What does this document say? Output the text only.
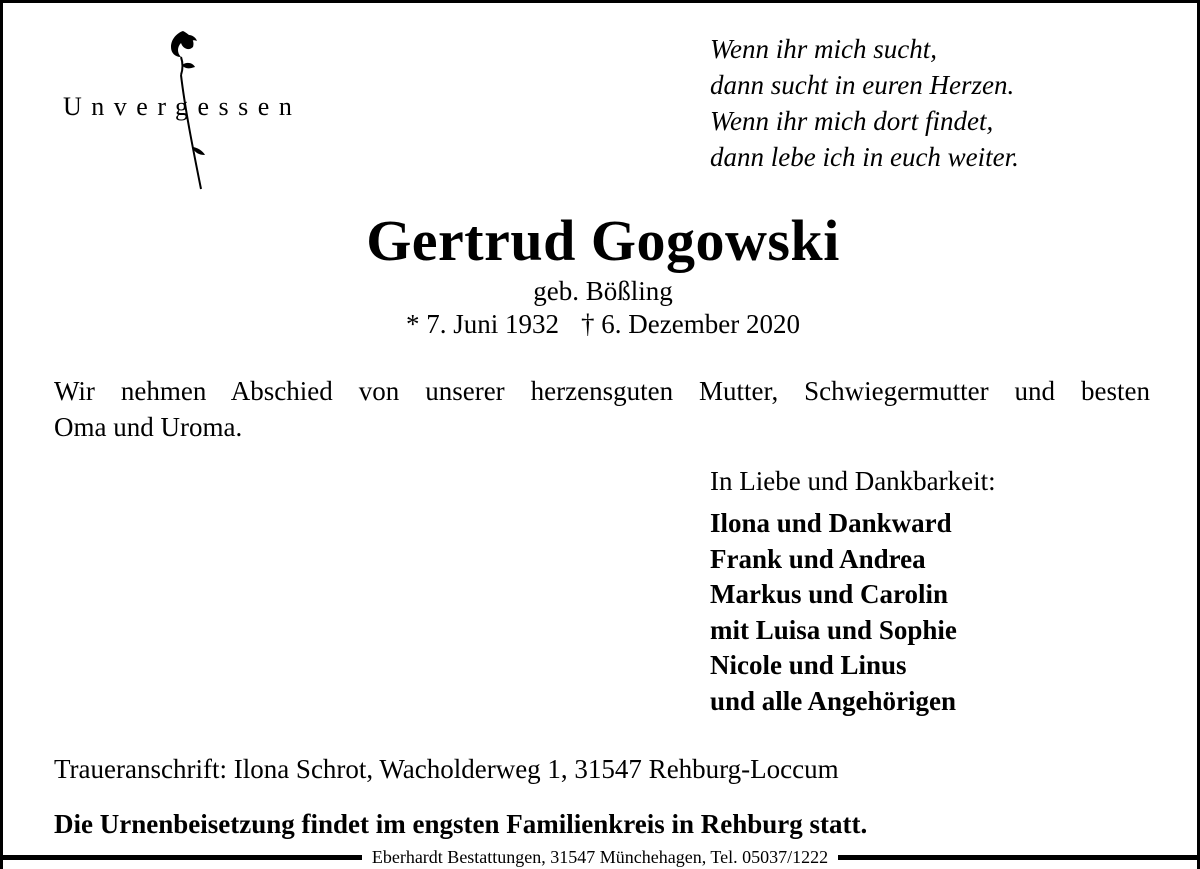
Unvergessen
Wenn ihr mich sucht,
dann sucht in euren Herzen.
Wenn ihr mich dort findet,
dann lebe ich in euch weiter.
Gertrud Gogowski
geb. Bößling
* 7. Juni 1932 † 6. Dezember 2020
Wir nehmen Abschied von unserer herzensguten Mutter, Schwiegermutter und besten
Oma und Uroma.
In Liebe und Dankbarkeit:
Ilona und Dankward
Frank und Andrea
Markus und Carolin
mit Luisa und Sophie
Nicole und Linus
und alle Angehörigen
Traueranschrift: Ilona Schrot, Wacholderweg 1, 31547 Rehburg-Loccum
Die Urnenbeisetzung findet im engsten Familienkreis in Rehburg statt.
Eberhardt Bestattungen, 31547 Münchehagen, Tel. 05037/1222
